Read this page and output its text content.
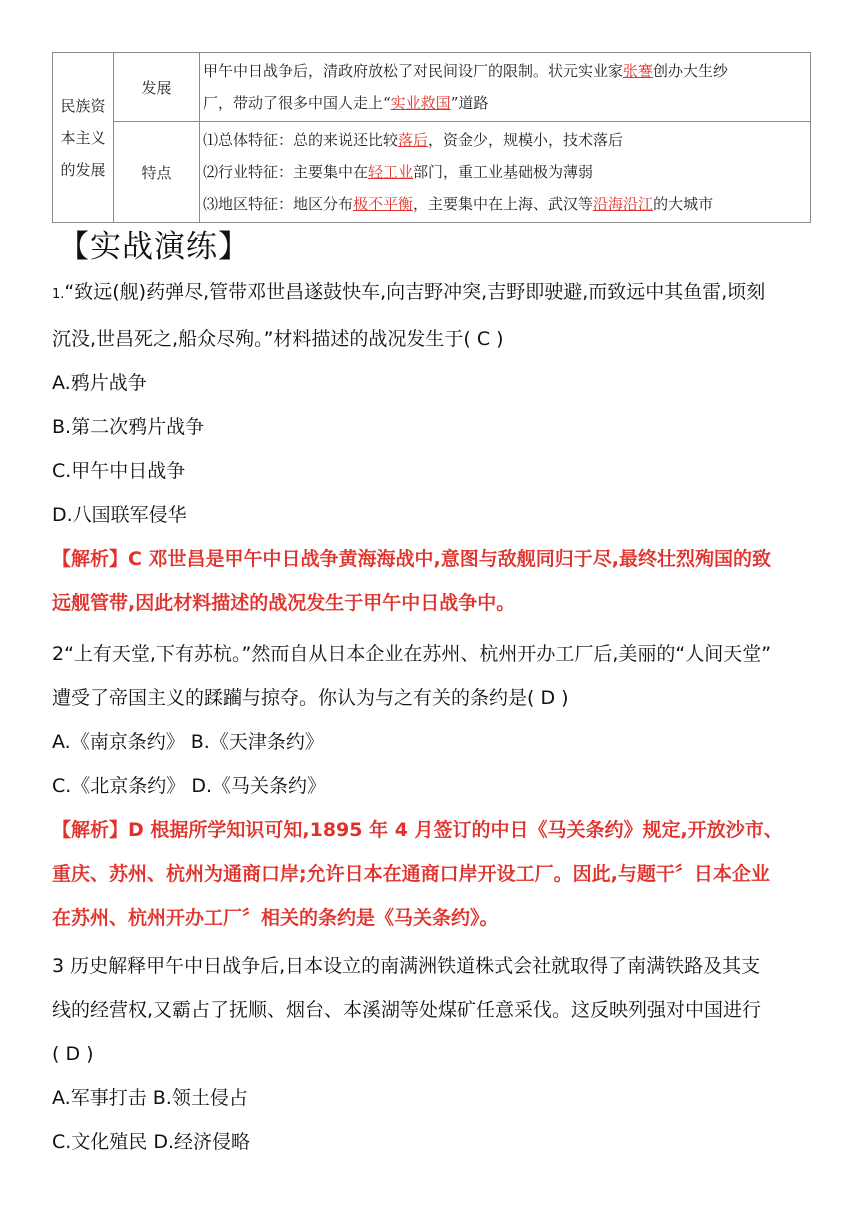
民族资
本主义
的发展	发展	甲午中日战争后，清政府放松了对民间设厂的限制。状元实业家张謇创办大生纱
厂，带动了很多中国人走上“实业救国”道路

	特点	⑴总体特征：总的来说还比较落后，资金少，规模小，技术落后
⑵行业特征：主要集中在轻工业部门，重工业基础极为薄弱
⑶地区特征：地区分布极不平衡，主要集中在上海、武汉等沿海沿江的大城市
【实战演练】
1.“致远(舰)药弹尽,管带邓世昌遂鼓快车,向吉野冲突,吉野即驶避,而致远中其鱼雷,顷刻
沉没,世昌死之,船众尽殉。”材料描述的战况发生于( C )
A.鸦片战争
B.第二次鸦片战争
C.甲午中日战争
D.八国联军侵华
【解析】C 邓世昌是甲午中日战争黄海海战中,意图与敌舰同归于尽,最终壮烈殉国的致
远舰管带,因此材料描述的战况发生于甲午中日战争中。
2“上有天堂,下有苏杭。”然而自从日本企业在苏州、杭州开办工厂后,美丽的“人间天堂”
遭受了帝国主义的蹂躏与掠夺。你认为与之有关的条约是( D )
A.《南京条约》 B.《天津条约》
C.《北京条约》 D.《马关条约》
【解析】D 根据所学知识可知,1895 年 4 月签订的中日《马关条约》规定,开放沙市、
重庆、苏州、杭州为通商口岸;允许日本在通商口岸开设工厂。因此,与题干〞日本企业
在苏州、杭州开办工厂〞相关的条约是《马关条约》。
3 历史解释甲午中日战争后,日本设立的南满洲铁道株式会社就取得了南满铁路及其支
线的经营权,又霸占了抚顺、烟台、本溪湖等处煤矿任意采伐。这反映列强对中国进行
( D )
A.军事打击 B.领土侵占
C.文化殖民 D.经济侵略
